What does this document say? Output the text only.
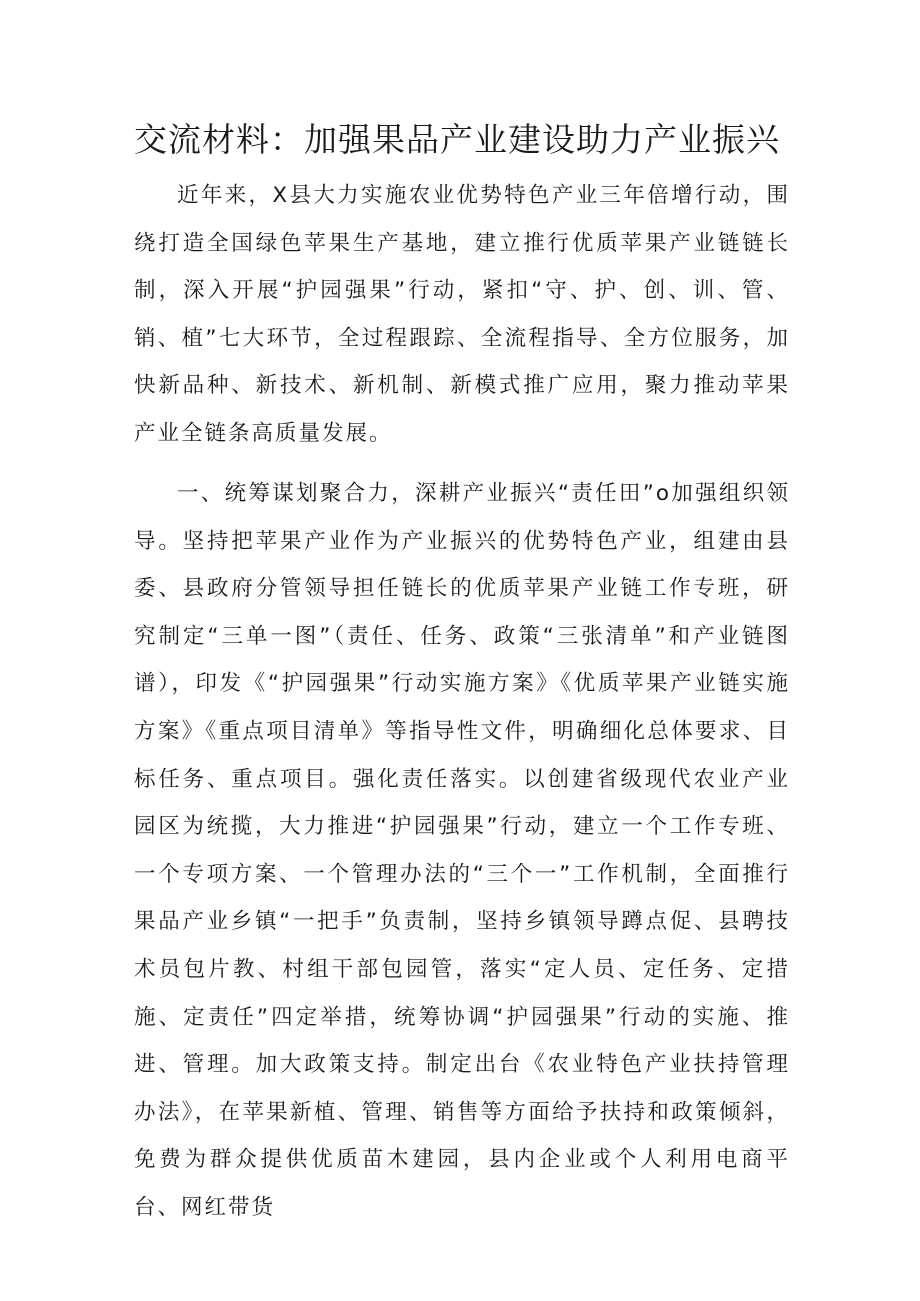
交流材料：加强果品产业建设助力产业振兴

近年来，X县大力实施农业优势特色产业三年倍增行动，围绕打造全国绿色苹果生产基地，建立推行优质苹果产业链链长制，深入开展“护园强果”行动，紧扣“守、护、创、训、管、销、植”七大环节，全过程跟踪、全流程指导、全方位服务，加快新品种、新技术、新机制、新模式推广应用，聚力推动苹果产业全链条高质量发展。

一、统筹谋划聚合力，深耕产业振兴“责任田”o加强组织领导。坚持把苹果产业作为产业振兴的优势特色产业，组建由县委、县政府分管领导担任链长的优质苹果产业链工作专班，研究制定“三单一图”（责任、任务、政策“三张清单”和产业链图谱），印发《“护园强果”行动实施方案》《优质苹果产业链实施方案》《重点项目清单》等指导性文件，明确细化总体要求、目标任务、重点项目。强化责任落实。以创建省级现代农业产业园区为统揽，大力推进“护园强果”行动，建立一个工作专班、一个专项方案、一个管理办法的“三个一”工作机制，全面推行果品产业乡镇“一把手”负责制，坚持乡镇领导蹲点促、县聘技术员包片教、村组干部包园管，落实“定人员、定任务、定措施、定责任”四定举措，统筹协调“护园强果”行动的实施、推进、管理。加大政策支持。制定出台《农业特色产业扶持管理办法》，在苹果新植、管理、销售等方面给予扶持和政策倾斜，免费为群众提供优质苗木建园，县内企业或个人利用电商平台、网红带货
